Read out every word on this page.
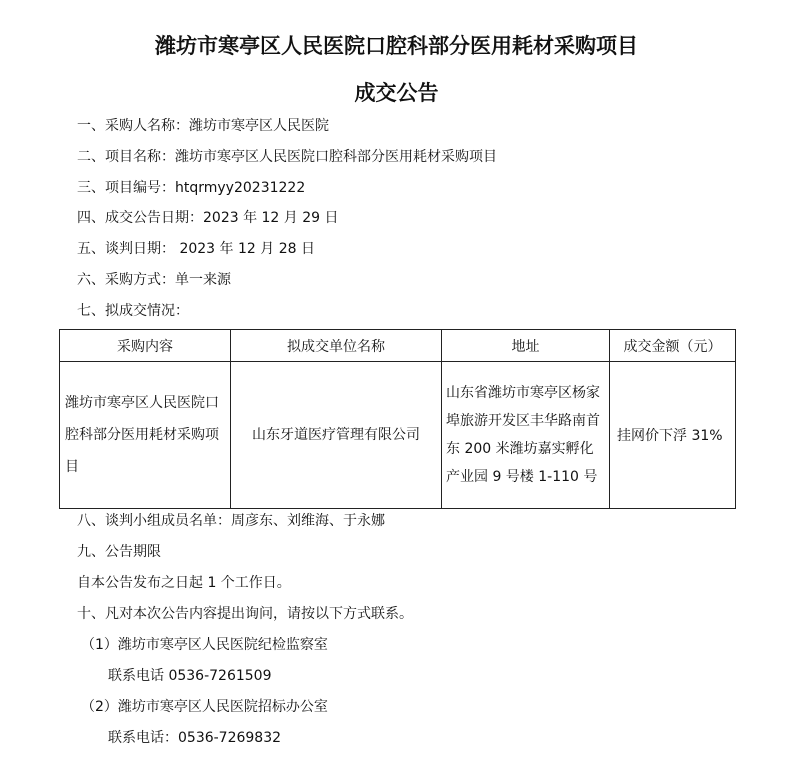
潍坊市寒亭区人民医院口腔科部分医用耗材采购项目
成交公告
一、采购人名称：潍坊市寒亭区人民医院
二、项目名称：潍坊市寒亭区人民医院口腔科部分医用耗材采购项目
三、项目编号：htqrmyy20231222
四、成交公告日期：2023 年 12 月 29 日
五、谈判日期： 2023 年 12 月 28 日
六、采购方式：单一来源
七、拟成交情况：
采购内容	拟成交单位名称	地址	成交金额（元）
潍坊市寒亭区人民医院口腔科部分医用耗材采购项目	山东牙道医疗管理有限公司	山东省潍坊市寒亭区杨家埠旅游开发区丰华路南首东 200 米潍坊嘉实孵化产业园 9 号楼 1-110 号	挂网价下浮 31%
八、谈判小组成员名单：周彦东、刘维海、于永娜
九、公告期限
自本公告发布之日起 1 个工作日。
十、凡对本次公告内容提出询问，请按以下方式联系。
（1）潍坊市寒亭区人民医院纪检监察室
联系电话 0536-7261509
（2）潍坊市寒亭区人民医院招标办公室
联系电话：0536-7269832
